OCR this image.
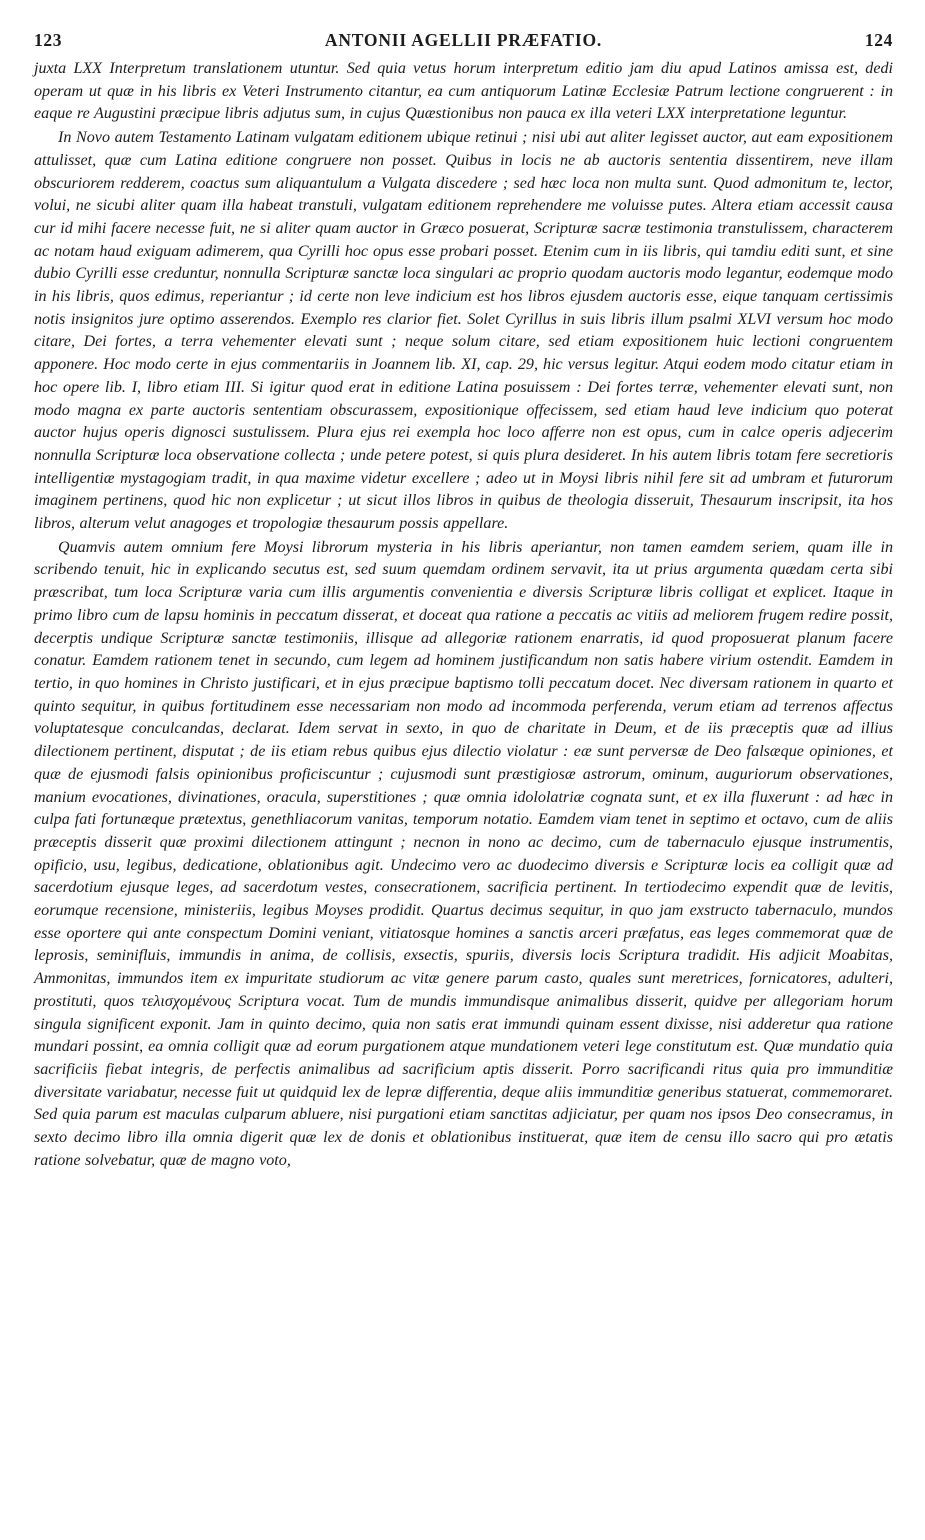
123	ANTONII AGELLII PRÆFATIO.	124

juxta LXX Interpretum translationem utuntur. Sed quia vetus horum interpretum editio jam diu apud Latinos amissa est, dedi operam ut quæ in his libris ex Veteri Instrumento citantur, ea cum antiquorum Latinæ Ecclesiæ Patrum lectione congruerent : in eaque re Augustini præcipue libris adjutus sum, in cujus Quæstionibus non pauca ex illa veteri LXX interpretatione leguntur.

In Novo autem Testamento Latinam vulgatam editionem ubique retinui ; nisi ubi aut aliter legisset auctor, aut eam expositionem attulisset, quæ cum Latina editione congruere non posset. Quibus in locis ne ab auctoris sententia dissentirem, neve illam obscuriorem redderem, coactus sum aliquantulum a Vulgata discedere ; sed hæc loca non multa sunt. Quod admonitum te, lector, volui, ne sicubi aliter quam illa habeat transtuli, vulgatam editionem reprehendere me voluisse putes. Altera etiam accessit causa cur id mihi facere necesse fuit, ne si aliter quam auctor in Græco posuerat, Scripturæ sacræ testimonia transtulissem, characterem ac notam haud exiguam adimerem, qua Cyrilli hoc opus esse probari posset. Etenim cum in iis libris, qui tamdiu editi sunt, et sine dubio Cyrilli esse creduntur, nonnulla Scripturæ sanctæ loca singulari ac proprio quodam auctoris modo legantur, eodemque modo in his libris, quos edimus, reperiantur ; id certe non leve indicium est hos libros ejusdem auctoris esse, eique tanquam certissimis notis insignitos jure optimo asserendos. Exemplo res clarior fiet. Solet Cyrillus in suis libris illum psalmi XLVI versum hoc modo citare, Dei fortes, a terra vehementer elevati sunt ; neque solum citare, sed etiam expositionem huic lectioni congruentem apponere. Hoc modo certe in ejus commentariis in Joannem lib. XI, cap. 29, hic versus legitur. Atqui eodem modo citatur etiam in hoc opere lib. I, libro etiam III. Si igitur quod erat in editione Latina posuissem : Dei fortes terræ, vehementer elevati sunt, non modo magna ex parte auctoris sententiam obscurassem, expositionique offecissem, sed etiam haud leve indicium quo poterat auctor hujus operis dignosci sustulissem. Plura ejus rei exempla hoc loco afferre non est opus, cum in calce operis adjecerim nonnulla Scripturæ loca observatione collecta ; unde petere potest, si quis plura desideret. In his autem libris totam fere secretioris intelligentiæ mystagogiam tradit, in qua maxime videtur excellere ; adeo ut in Moysi libris nihil fere sit ad umbram et futurorum imaginem pertinens, quod hic non explicetur ; ut sicut illos libros in quibus de theologia disseruit, Thesaurum inscripsit, ita hos libros, alterum velut anagoges et tropologiæ thesaurum possis appellare.

Quamvis autem omnium fere Moysi librorum mysteria in his libris aperiantur, non tamen eamdem seriem, quam ille in scribendo tenuit, hic in explicando secutus est, sed suum quemdam ordinem servavit, ita ut prius argumenta quædam certa sibi præscribat, tum loca Scripturæ varia cum illis argumentis convenientia e diversis Scripturæ libris colligat et explicet. Itaque in primo libro cum de lapsu hominis in peccatum disserat, et doceat qua ratione a peccatis ac vitiis ad meliorem frugem redire possit, decerptis undique Scripturæ sanctæ testimoniis, illisque ad allegoriæ rationem enarratis, id quod proposuerat planum facere conatur. Eamdem rationem tenet in secundo, cum legem ad hominem justificandum non satis habere virium ostendit. Eamdem in tertio, in quo homines in Christo justificari, et in ejus præcipue baptismo tolli peccatum docet. Nec diversam rationem in quarto et quinto sequitur, in quibus fortitudinem esse necessariam non modo ad incommoda perferenda, verum etiam ad terrenos affectus voluptatesque conculcandas, declarat. Idem servat in sexto, in quo de charitate in Deum, et de iis præceptis quæ ad illius dilectionem pertinent, disputat ; de iis etiam rebus quibus ejus dilectio violatur : eæ sunt perversæ de Deo falsæque opiniones, et quæ de ejusmodi falsis opinionibus proficiscuntur ; cujusmodi sunt præstigiosæ astrorum, ominum, auguriorum observationes, manium evocationes, divinationes, oracula, superstitiones ; quæ omnia idololatriæ cognata sunt, et ex illa fluxerunt : ad hæc in culpa fati fortunæque prætextus, genethliacorum vanitas, temporum notatio. Eamdem viam tenet in septimo et octavo, cum de aliis præceptis disserit quæ proximi dilectionem attingunt ; necnon in nono ac decimo, cum de tabernaculo ejusque instrumentis, opificio, usu, legibus, dedicatione, oblationibus agit. Undecimo vero ac duodecimo diversis e Scripturæ locis ea colligit quæ ad sacerdotium ejusque leges, ad sacerdotum vestes, consecrationem, sacrificia pertinent. In tertiodecimo expendit quæ de levitis, eorumque recensione, ministeriis, legibus Moyses prodidit. Quartus decimus sequitur, in quo jam exstructo tabernaculo, mundos esse oportere qui ante conspectum Domini veniant, vitiatosque homines a sanctis arceri præfatus, eas leges commemorat quæ de leprosis, seminifluis, immundis in anima, de collisis, exsectis, spuriis, diversis locis Scriptura tradidit. His adjicit Moabitas, Ammonitas, immundos item ex impuritate studiorum ac vitæ genere parum casto, quales sunt meretrices, fornicatores, adulteri, prostituti, quos τελισχομένους Scriptura vocat. Tum de mundis immundisque animalibus disserit, quidve per allegoriam horum singula significent exponit. Jam in quinto decimo, quia non satis erat immundi quinam essent dixisse, nisi adderetur qua ratione mundari possint, ea omnia colligit quæ ad eorum purgationem atque mundationem veteri lege constitutum est. Quæ mundatio quia sacrificiis fiebat integris, de perfectis animalibus ad sacrificium aptis disserit. Porro sacrificandi ritus quia pro immunditiæ diversitate variabatur, necesse fuit ut quidquid lex de lepræ differentia, deque aliis immunditiæ generibus statuerat, commemoraret. Sed quia parum est maculas culparum abluere, nisi purgationi etiam sanctitas adjiciatur, per quam nos ipsos Deo consecramus, in sexto decimo libro illa omnia digerit quæ lex de donis et oblationibus instituerat, quæ item de censu illo sacro qui pro ætatis ratione solvebatur, quæ de magno voto,
